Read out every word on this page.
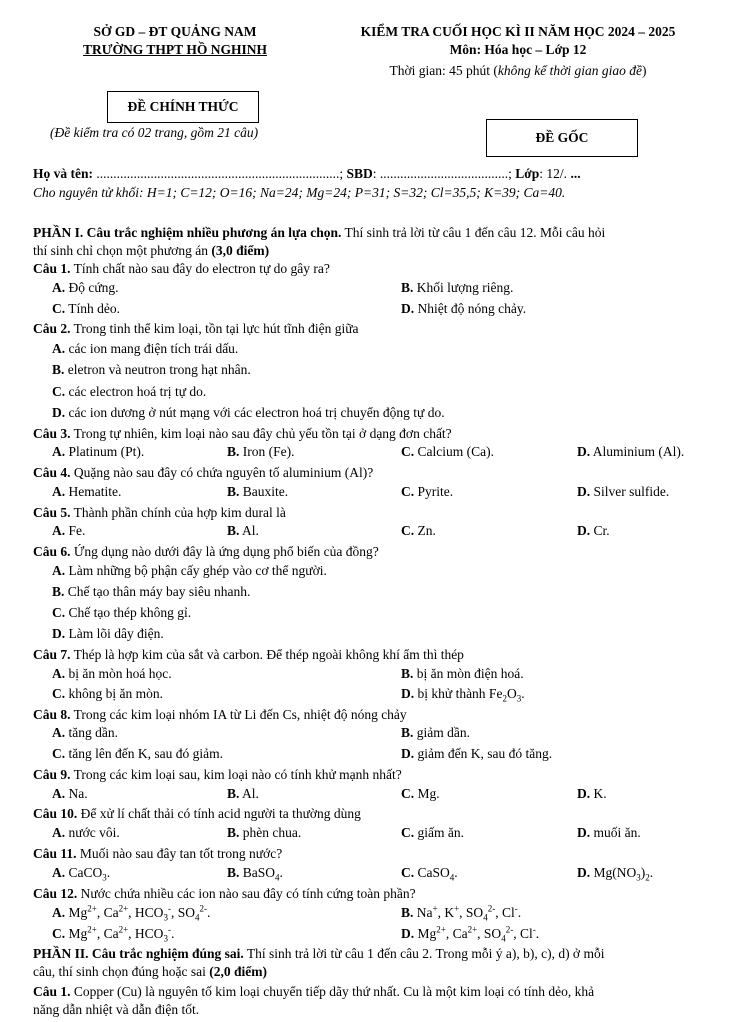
SỞ GD – ĐT QUẢNG NAM
TRƯỜNG THPT HỒ NGHINH
KIỂM TRA CUỐI HỌC KÌ II NĂM HỌC 2024 – 2025
Môn: Hóa học – Lớp 12
Thời gian: 45 phút (không kể thời gian giao đề)
ĐỀ CHÍNH THỨC
(Đề kiểm tra có 02 trang, gồm 21 câu)	ĐỀ GỐC
Họ và tên: ........................................................................; SBD: ......................................; Lớp: 12/. ...
Cho nguyên tử khối: H=1; C=12; O=16; Na=24; Mg=24; P=31; S=32; Cl=35,5; K=39; Ca=40.
PHẦN I. Câu trắc nghiệm nhiều phương án lựa chọn. Thí sinh trả lời từ câu 1 đến câu 12. Mỗi câu hỏi
thí sinh chỉ chọn một phương án (3,0 điểm)
Câu 1. Tính chất nào sau đây do electron tự do gây ra?
A. Độ cứng.	B. Khối lượng riêng.
C. Tính dẻo.	D. Nhiệt độ nóng chảy.
Câu 2. Trong tinh thể kim loại, tồn tại lực hút tĩnh điện giữa
A. các ion mang điện tích trái dấu.
B. eletron và neutron trong hạt nhân.
C. các electron hoá trị tự do.
D. các ion dương ở nút mạng với các electron hoá trị chuyển động tự do.
Câu 3. Trong tự nhiên, kim loại nào sau đây chủ yếu tồn tại ở dạng đơn chất?
A. Platinum (Pt).	B. Iron (Fe).	C. Calcium (Ca).	D. Aluminium (Al).
Câu 4. Quặng nào sau đây có chứa nguyên tố aluminium (Al)?
A. Hematite.	B. Bauxite.	C. Pyrite.	D. Silver sulfide.
Câu 5. Thành phần chính của hợp kim dural là
A. Fe.	B. Al.	C. Zn.	D. Cr.
Câu 6. Ứng dụng nào dưới đây là ứng dụng phổ biến của đồng?
A. Làm những bộ phận cấy ghép vào cơ thể người.
B. Chế tạo thân máy bay siêu nhanh.
C. Chế tạo thép không gỉ.
D. Làm lõi dây điện.
Câu 7. Thép là hợp kim của sắt và carbon. Để thép ngoài không khí ẩm thì thép
A. bị ăn mòn hoá học.	B. bị ăn mòn điện hoá.
C. không bị ăn mòn.	D. bị khử thành $Fe_2O_3$.
Câu 8. Trong các kim loại nhóm IA từ Li đến Cs, nhiệt độ nóng chảy
A. tăng dần.	B. giảm dần.
C. tăng lên đến K, sau đó giảm.	D. giảm đến K, sau đó tăng.
Câu 9. Trong các kim loại sau, kim loại nào có tính khử mạnh nhất?
A. Na.	B. Al.	C. Mg.	D. K.
Câu 10. Để xử lí chất thải có tính acid người ta thường dùng
A. nước vôi.	B. phèn chua.	C. giấm ăn.	D. muối ăn.
Câu 11. Muối nào sau đây tan tốt trong nước?
A. CaCO$_3$.	B. BaSO$_4$.	C. CaSO$_4$.	D. $Mg(NO_3)_2$.
Câu 12. Nước chứa nhiều các ion nào sau đây có tính cứng toàn phần?
A. $Mg^{2+}$, $Ca^{2+}$, $HCO_3^-$, $SO_4^{2-}$.	B. Na+, K+, $SO_4^{2-}$, Cl-.
C. $Mg^{2+}$, $Ca^{2+}$, $HCO_3^-$.	D. $Mg^{2+}$, $Ca^{2+}$, $SO_4^{2-}$, Cl-.
PHẦN II. Câu trắc nghiệm đúng sai. Thí sinh trả lời từ câu 1 đến câu 2. Trong mỗi ý a), b), c), d) ở mỗi
câu, thí sinh chọn đúng hoặc sai (2,0 điểm)
Câu 1. Copper (Cu) là nguyên tố kim loại chuyển tiếp dãy thứ nhất. Cu là một kim loại có tính dẻo, khả
năng dẫn nhiệt và dẫn điện tốt.
